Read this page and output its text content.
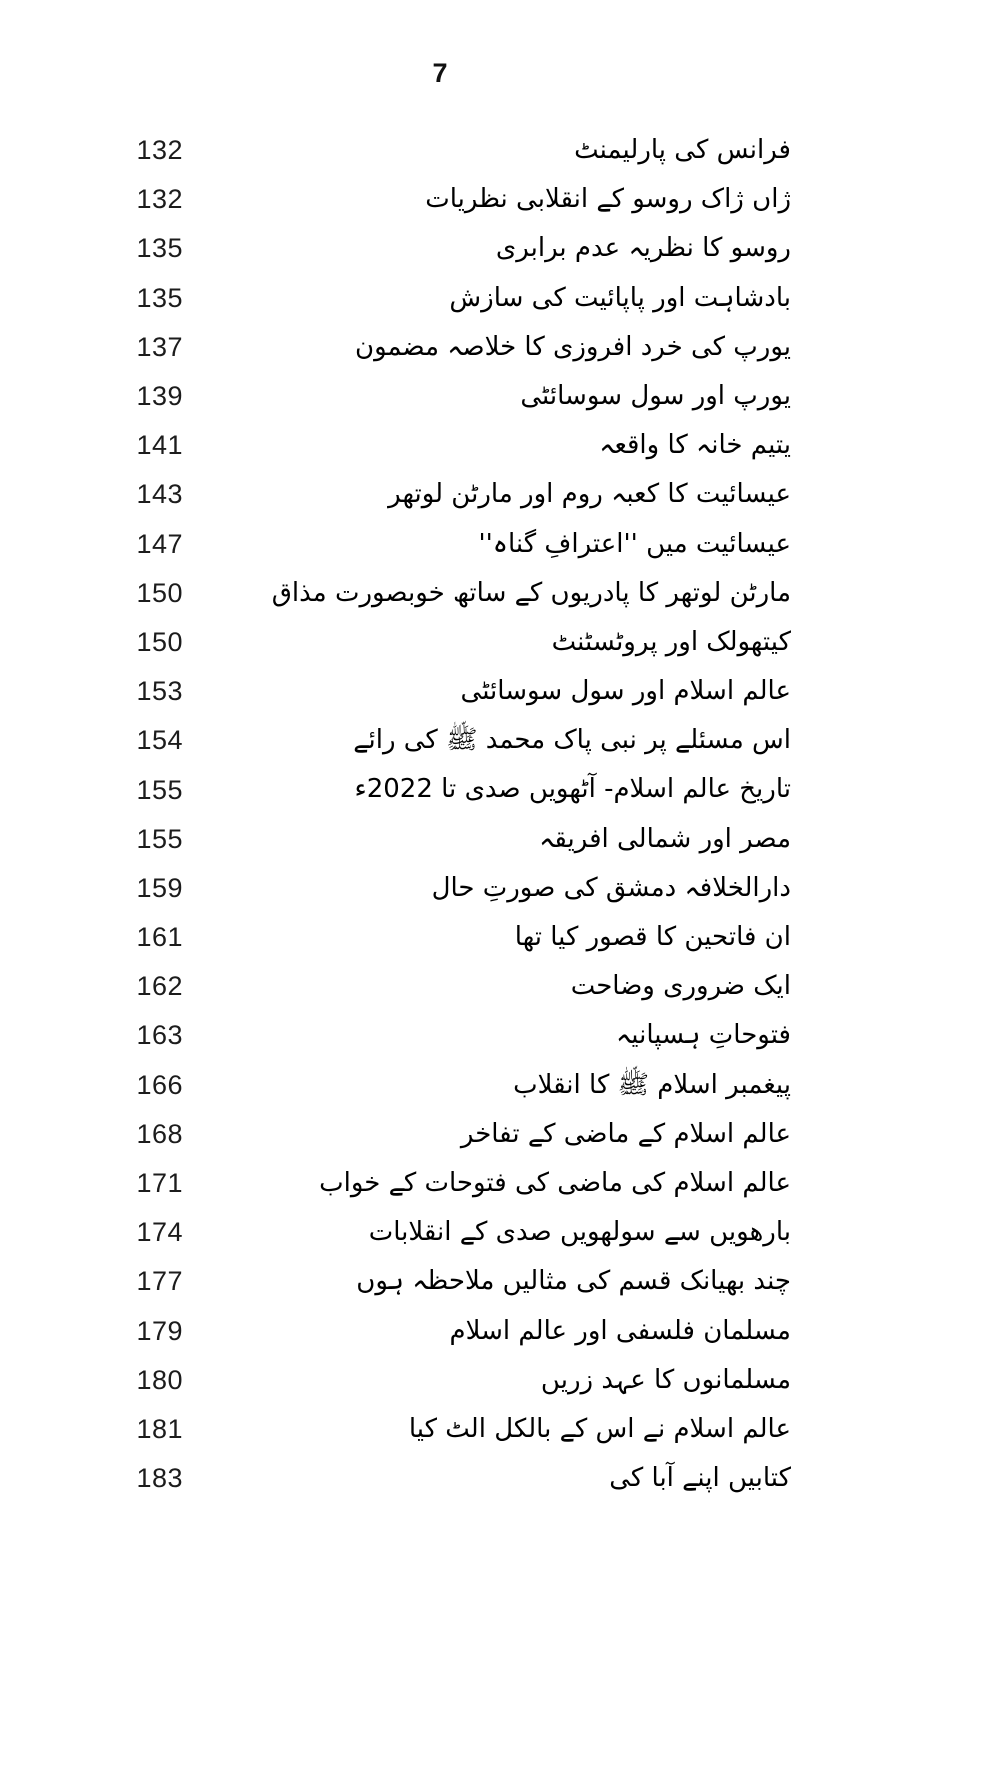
7
132	فرانس کی پارلیمنٹ
132	ژاں ژاک روسو کے انقلابی نظریات
135	روسو کا نظریہ عدم برابری
135	بادشاہت اور پاپائیت کی سازش
137	یورپ کی خرد افروزی کا خلاصہ مضمون
139	یورپ اور سول سوسائٹی
141	یتیم خانہ کا واقعہ
143	عیسائیت کا کعبہ روم اور مارٹن لوتھر
147	عیسائیت میں ''اعترافِ گناہ''
150	مارٹن لوتھر کا پادریوں کے ساتھ خوبصورت مذاق
150	کیتھولک اور پروٹسٹنٹ
153	عالم اسلام اور سول سوسائٹی
154	اس مسئلے پر نبی پاک محمد ﷺ کی رائے
155	تاریخ عالم اسلام- آٹھویں صدی تا 2022ء
155	مصر اور شمالی افریقہ
159	دارالخلافہ دمشق کی صورتِ حال
161	ان فاتحین کا قصور کیا تھا
162	ایک ضروری وضاحت
163	فتوحاتِ ہسپانیہ
166	پیغمبر اسلام ﷺ کا انقلاب
168	عالم اسلام کے ماضی کے تفاخر
171	عالم اسلام کی ماضی کی فتوحات کے خواب
174	بارھویں سے سولھویں صدی کے انقلابات
177	چند بھیانک قسم کی مثالیں ملاحظہ ہوں
179	مسلمان فلسفی اور عالم اسلام
180	مسلمانوں کا عہد زریں
181	عالم اسلام نے اس کے بالکل الٹ کیا
183	کتابیں اپنے آبا کی
